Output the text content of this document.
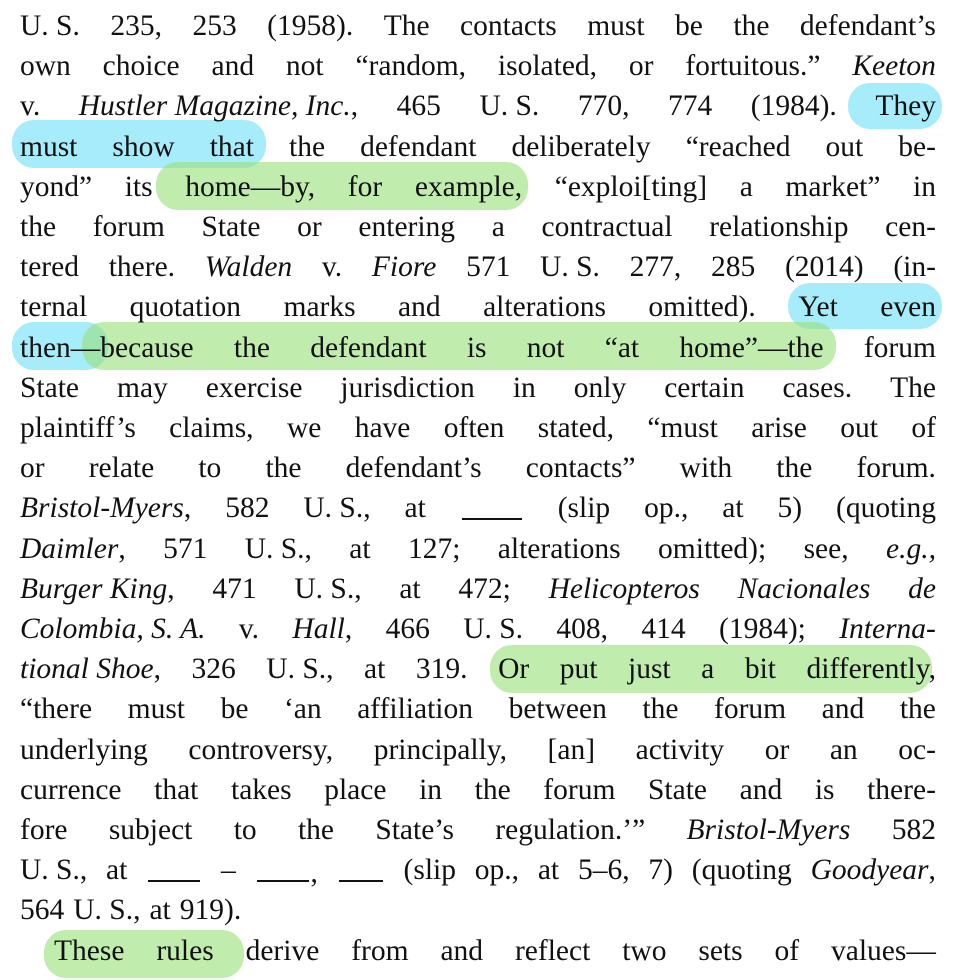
U. S. 235, 253 (1958). The contacts must be the defendant’s
own choice and not “random, isolated, or fortuitous.” Keeton
v. Hustler Magazine, Inc., 465 U. S. 770, 774 (1984). They
must show that the defendant deliberately “reached out be-
yond” its home—by, for example, “exploi[ting] a market” in
the forum State or entering a contractual relationship cen-
tered there. Walden v. Fiore 571 U. S. 277, 285 (2014) (in-
ternal quotation marks and alterations omitted). Yet even
then—because the defendant is not “at home”—the forum
State may exercise jurisdiction in only certain cases. The
plaintiff’s claims, we have often stated, “must arise out of
or relate to the defendant’s contacts” with the forum.
Bristol-Myers, 582 U. S., at	(slip op., at 5) (quoting
Daimler, 571 U. S., at 127; alterations omitted); see, e.g.,
Burger King, 471 U. S., at 472; Helicopteros Nacionales de
Colombia, S. A. v. Hall, 466 U. S. 408, 414 (1984); Interna-
tional Shoe, 326 U. S., at 319. Or put just a bit differently,
“there must be ‘an affiliation between the forum and the
underlying controversy, principally, [an] activity or an oc-
currence that takes place in the forum State and is there-
fore subject to the State’s regulation.’” Bristol-Myers 582
U. S., at	–	,	(slip op., at 5–6, 7) (quoting Goodyear,
564 U. S., at 919).
These rules derive from and reflect two sets of values—
